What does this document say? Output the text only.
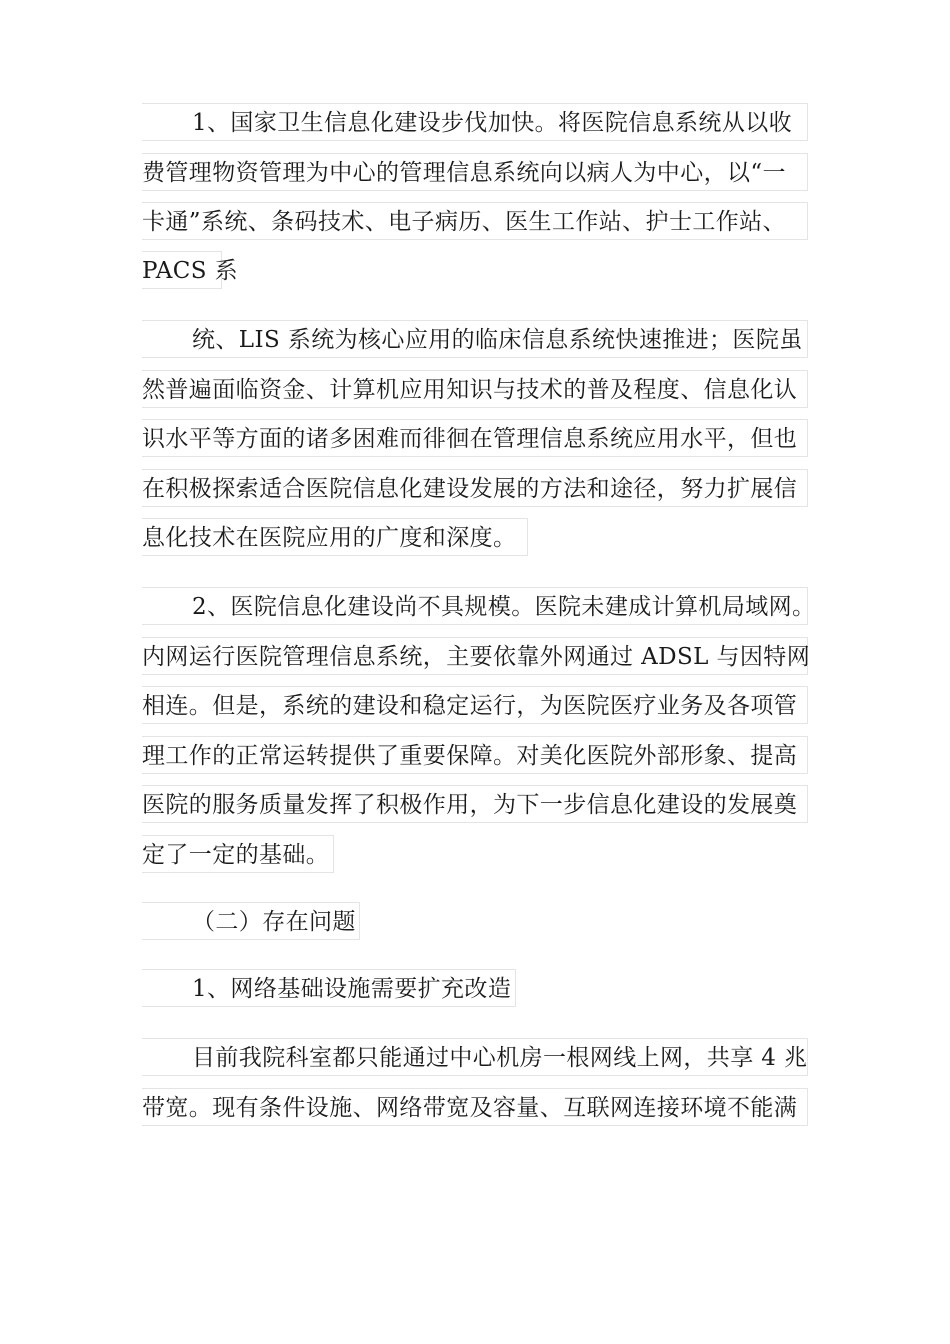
1、国家卫生信息化建设步伐加快。将医院信息系统从以收
费管理物资管理为中心的管理信息系统向以病人为中心，以“一
卡通”系统、条码技术、电子病历、医生工作站、护士工作站、
PACS 系
统、LIS 系统为核心应用的临床信息系统快速推进；医院虽
然普遍面临资金、计算机应用知识与技术的普及程度、信息化认
识水平等方面的诸多困难而徘徊在管理信息系统应用水平，但也
在积极探索适合医院信息化建设发展的方法和途径，努力扩展信
息化技术在医院应用的广度和深度。
2、医院信息化建设尚不具规模。医院未建成计算机局域网。
内网运行医院管理信息系统，主要依靠外网通过 ADSL 与因特网
相连。但是，系统的建设和稳定运行，为医院医疗业务及各项管
理工作的正常运转提供了重要保障。对美化医院外部形象、提高
医院的服务质量发挥了积极作用，为下一步信息化建设的发展奠
定了一定的基础。
（二）存在问题
1、网络基础设施需要扩充改造
目前我院科室都只能通过中心机房一根网线上网，共享 4 兆
带宽。现有条件设施、网络带宽及容量、互联网连接环境不能满
